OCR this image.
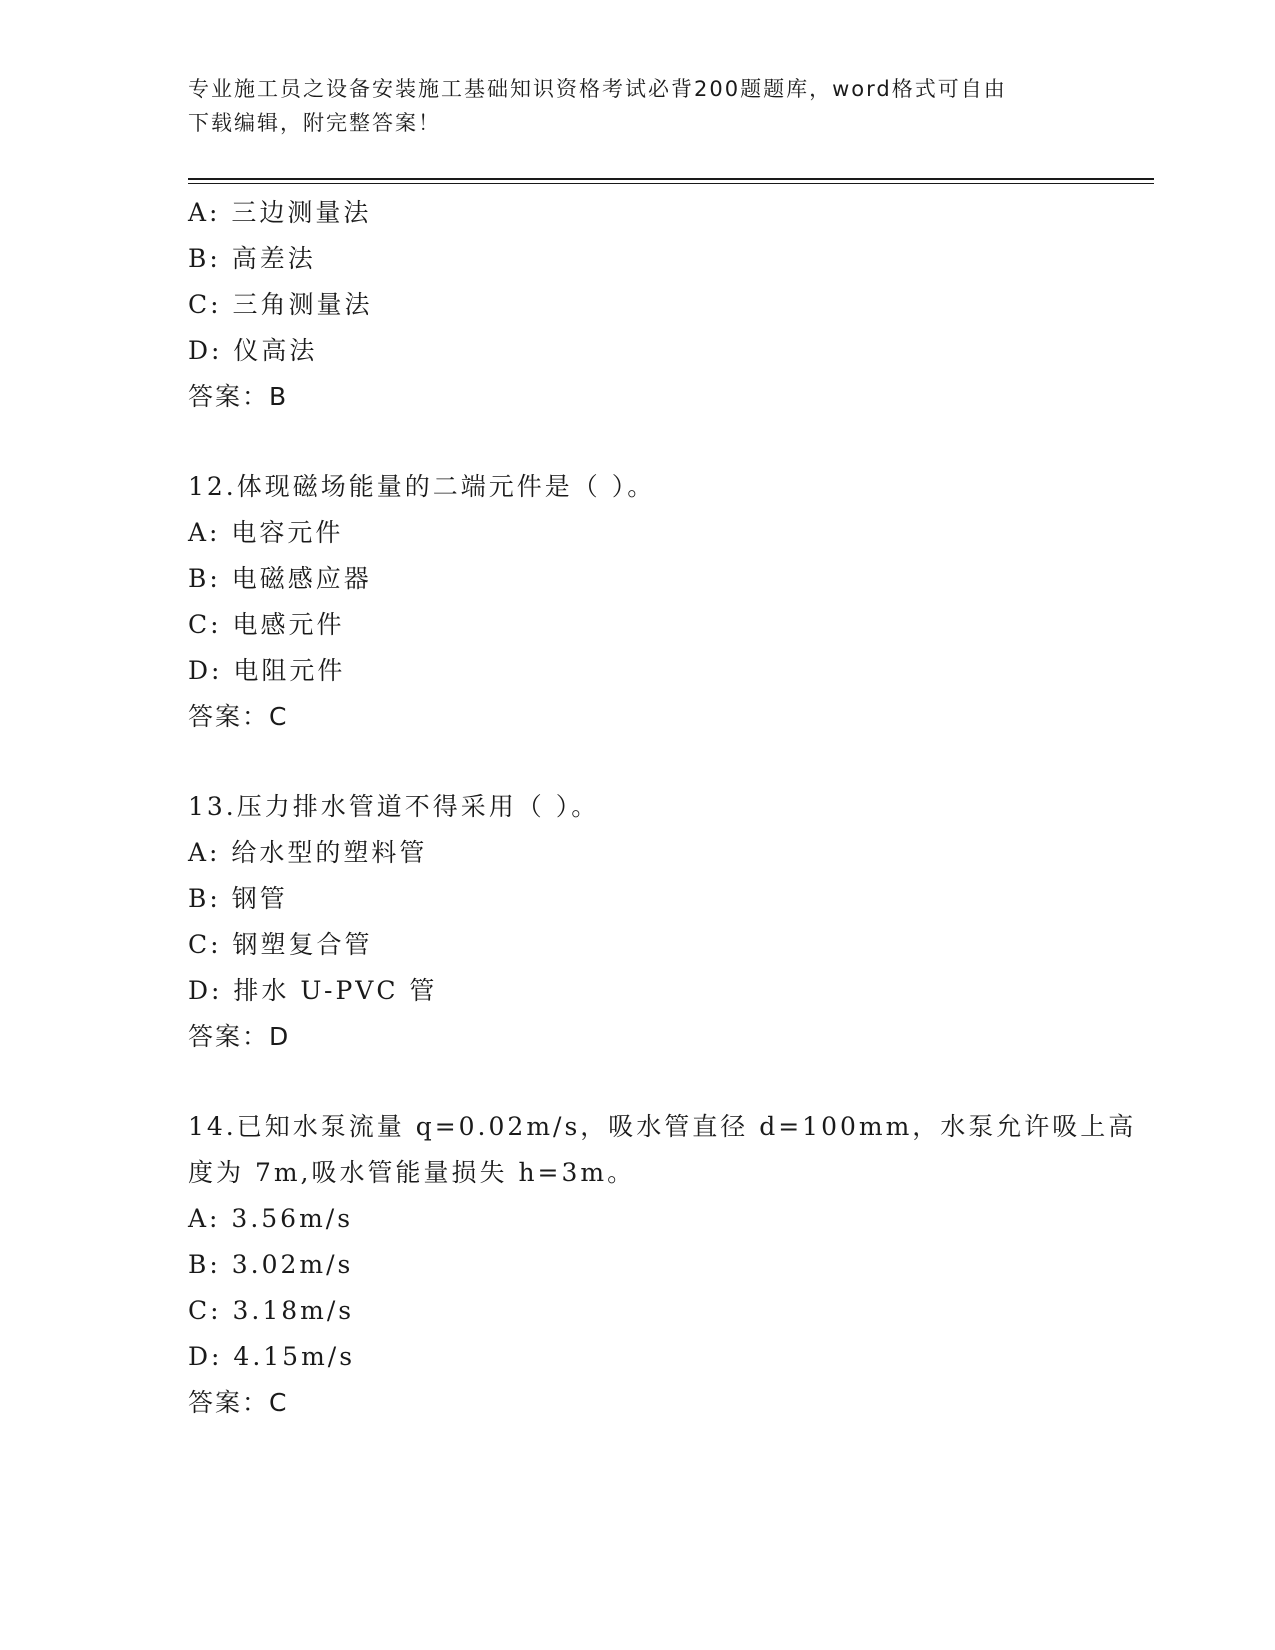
专业施工员之设备安装施工基础知识资格考试必背200题题库，word格式可自由
下载编辑，附完整答案！
A: 三边测量法
B: 高差法
C: 三角测量法
D: 仪高法
答案：B
12.体现磁场能量的二端元件是（ ）。
A: 电容元件
B: 电磁感应器
C: 电感元件
D: 电阻元件
答案：C
13.压力排水管道不得采用（ ）。
A: 给水型的塑料管
B: 钢管
C: 钢塑复合管
D: 排水 U-PVC 管
答案：D
14.已知水泵流量 q=0.02m/s，吸水管直径 d=100mm，水泵允许吸上高
度为 7m,吸水管能量损失 h=3m。
A: 3.56m/s
B: 3.02m/s
C: 3.18m/s
D: 4.15m/s
答案：C
